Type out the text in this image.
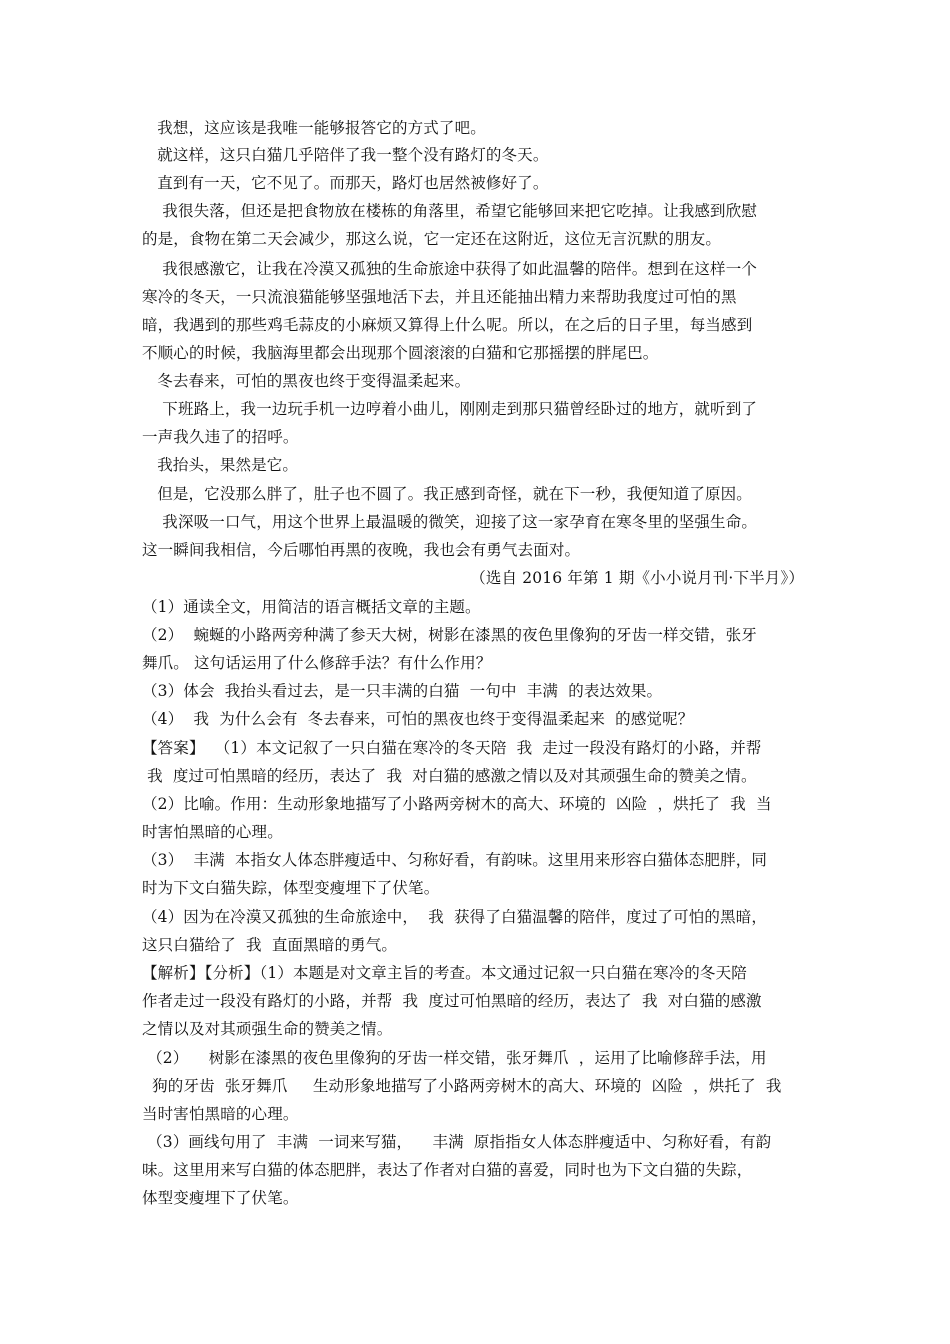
我想，这应该是我唯一能够报答它的方式了吧。
就这样，这只白猫几乎陪伴了我一整个没有路灯的冬天。
直到有一天，它不见了。而那天，路灯也居然被修好了。
我很失落，但还是把食物放在楼栋的角落里，希望它能够回来把它吃掉。让我感到欣慰
的是，食物在第二天会减少，那这么说，它一定还在这附近，这位无言沉默的朋友。
我很感激它，让我在冷漠又孤独的生命旅途中获得了如此温馨的陪伴。想到在这样一个
寒冷的冬天，一只流浪猫能够坚强地活下去，并且还能抽出精力来帮助我度过可怕的黑
暗，我遇到的那些鸡毛蒜皮的小麻烦又算得上什么呢。所以，在之后的日子里，每当感到
不顺心的时候，我脑海里都会出现那个圆滚滚的白猫和它那摇摆的胖尾巴。
冬去春来，可怕的黑夜也终于变得温柔起来。
下班路上，我一边玩手机一边哼着小曲儿，刚刚走到那只猫曾经卧过的地方，就听到了
一声我久违了的招呼。
我抬头，果然是它。
但是，它没那么胖了，肚子也不圆了。我正感到奇怪，就在下一秒，我便知道了原因。
我深吸一口气，用这个世界上最温暖的微笑，迎接了这一家孕育在寒冬里的坚强生命。
这一瞬间我相信，今后哪怕再黑的夜晚，我也会有勇气去面对。
（选自 2016 年第 1 期《小小说月刊·下半月》）
（1）通读全文，用简洁的语言概括文章的主题。
（2）  蜿蜒的小路两旁种满了参天大树，树影在漆黑的夜色里像狗的牙齿一样交错，张牙
舞爪。 这句话运用了什么修辞手法？有什么作用？
（3）体会  我抬头看过去，是一只丰满的白猫  一句中  丰满  的表达效果。
（4）  我  为什么会有  冬去春来，可怕的黑夜也终于变得温柔起来  的感觉呢？
【答案】  （1）本文记叙了一只白猫在寒冷的冬天陪  我  走过一段没有路灯的小路，并帮
我  度过可怕黑暗的经历，表达了  我  对白猫的感激之情以及对其顽强生命的赞美之情。
（2）比喻。作用：生动形象地描写了小路两旁树木的高大、环境的  凶险  ，烘托了  我  当
时害怕黑暗的心理。
（3）  丰满  本指女人体态胖瘦适中、匀称好看，有韵味。这里用来形容白猫体态肥胖，同
时为下文白猫失踪，体型变瘦埋下了伏笔。
（4）因为在冷漠又孤独的生命旅途中，  我  获得了白猫温馨的陪伴，度过了可怕的黑暗，
这只白猫给了  我  直面黑暗的勇气。
【解析】【分析】（1）本题是对文章主旨的考查。本文通过记叙一只白猫在寒冷的冬天陪
作者走过一段没有路灯的小路，并帮  我  度过可怕黑暗的经历，表达了  我  对白猫的感激
之情以及对其顽强生命的赞美之情。
（2）    树影在漆黑的夜色里像狗的牙齿一样交错，张牙舞爪  ，运用了比喻修辞手法，用
狗的牙齿  张牙舞爪     生动形象地描写了小路两旁树木的高大、环境的  凶险  ，烘托了  我
当时害怕黑暗的心理。
（3）画线句用了  丰满  一词来写猫，    丰满  原指指女人体态胖瘦适中、匀称好看，有韵
味。这里用来写白猫的体态肥胖，表达了作者对白猫的喜爱，同时也为下文白猫的失踪，
体型变瘦埋下了伏笔。
